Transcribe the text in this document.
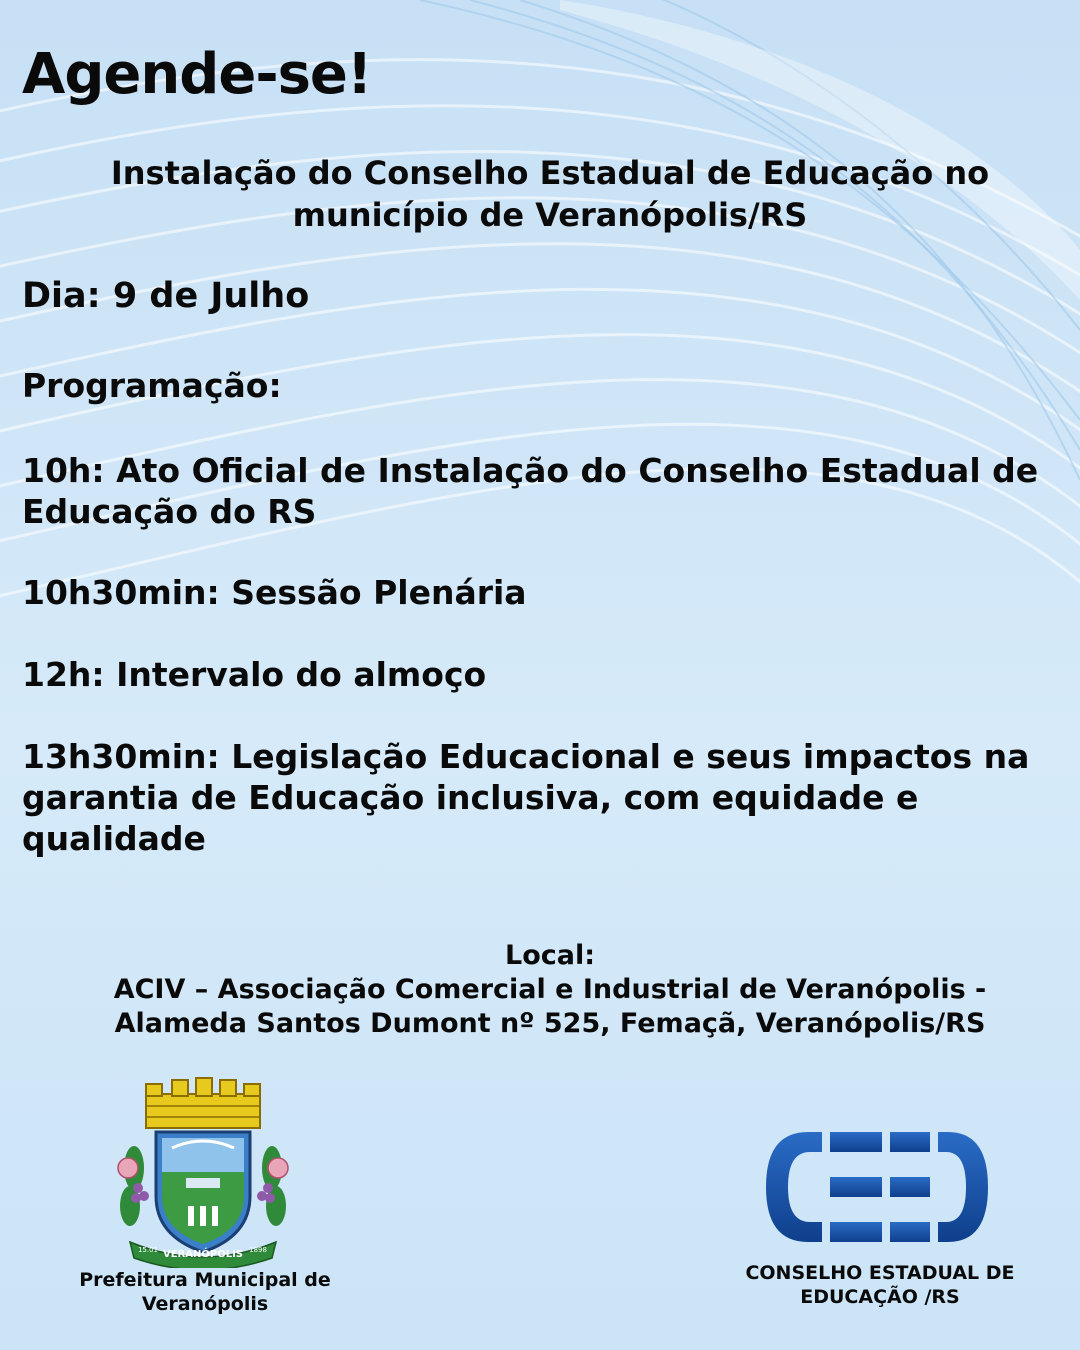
Agende-se!
Instalação do Conselho Estadual de Educação no município de Veranópolis/RS
Dia: 9 de Julho
Programação:
10h: Ato Oficial de Instalação do Conselho Estadual de Educação do RS
10h30min: Sessão Plenária
12h: Intervalo do almoço
13h30min: Legislação Educacional e seus impactos na garantia de Educação inclusiva, com equidade e qualidade
Local:
ACIV – Associação Comercial e Industrial de Veranópolis -
Alameda Santos Dumont nº 525, Femaçã, Veranópolis/RS
VERANÓPOLIS
15.01	1898
Prefeitura Municipal de Veranópolis
CONSELHO ESTADUAL DE EDUCAÇÃO /RS
